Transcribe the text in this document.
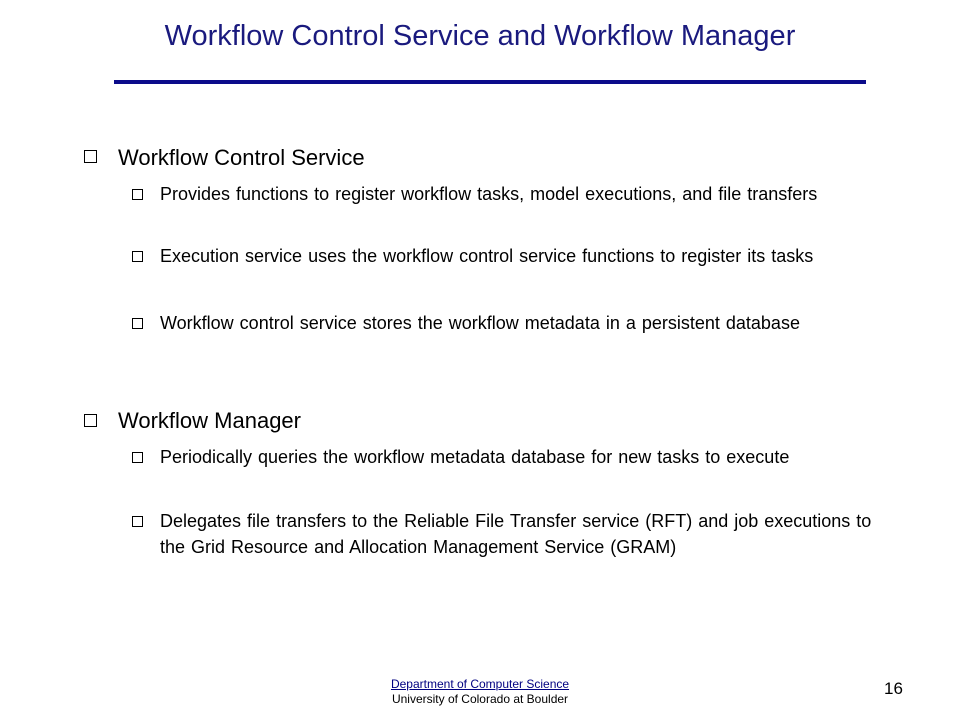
Workflow Control Service and Workflow Manager
Workflow Control Service
Provides functions to register workflow tasks, model executions, and file transfers
Execution service uses the workflow control service functions to register its tasks
Workflow control service stores the workflow metadata in a persistent database
Workflow Manager
Periodically queries the workflow metadata database for new tasks to execute
Delegates file transfers to the Reliable File Transfer service (RFT) and job executions to the Grid Resource and Allocation Management Service (GRAM)
Department of Computer Science
University of Colorado at Boulder
16
